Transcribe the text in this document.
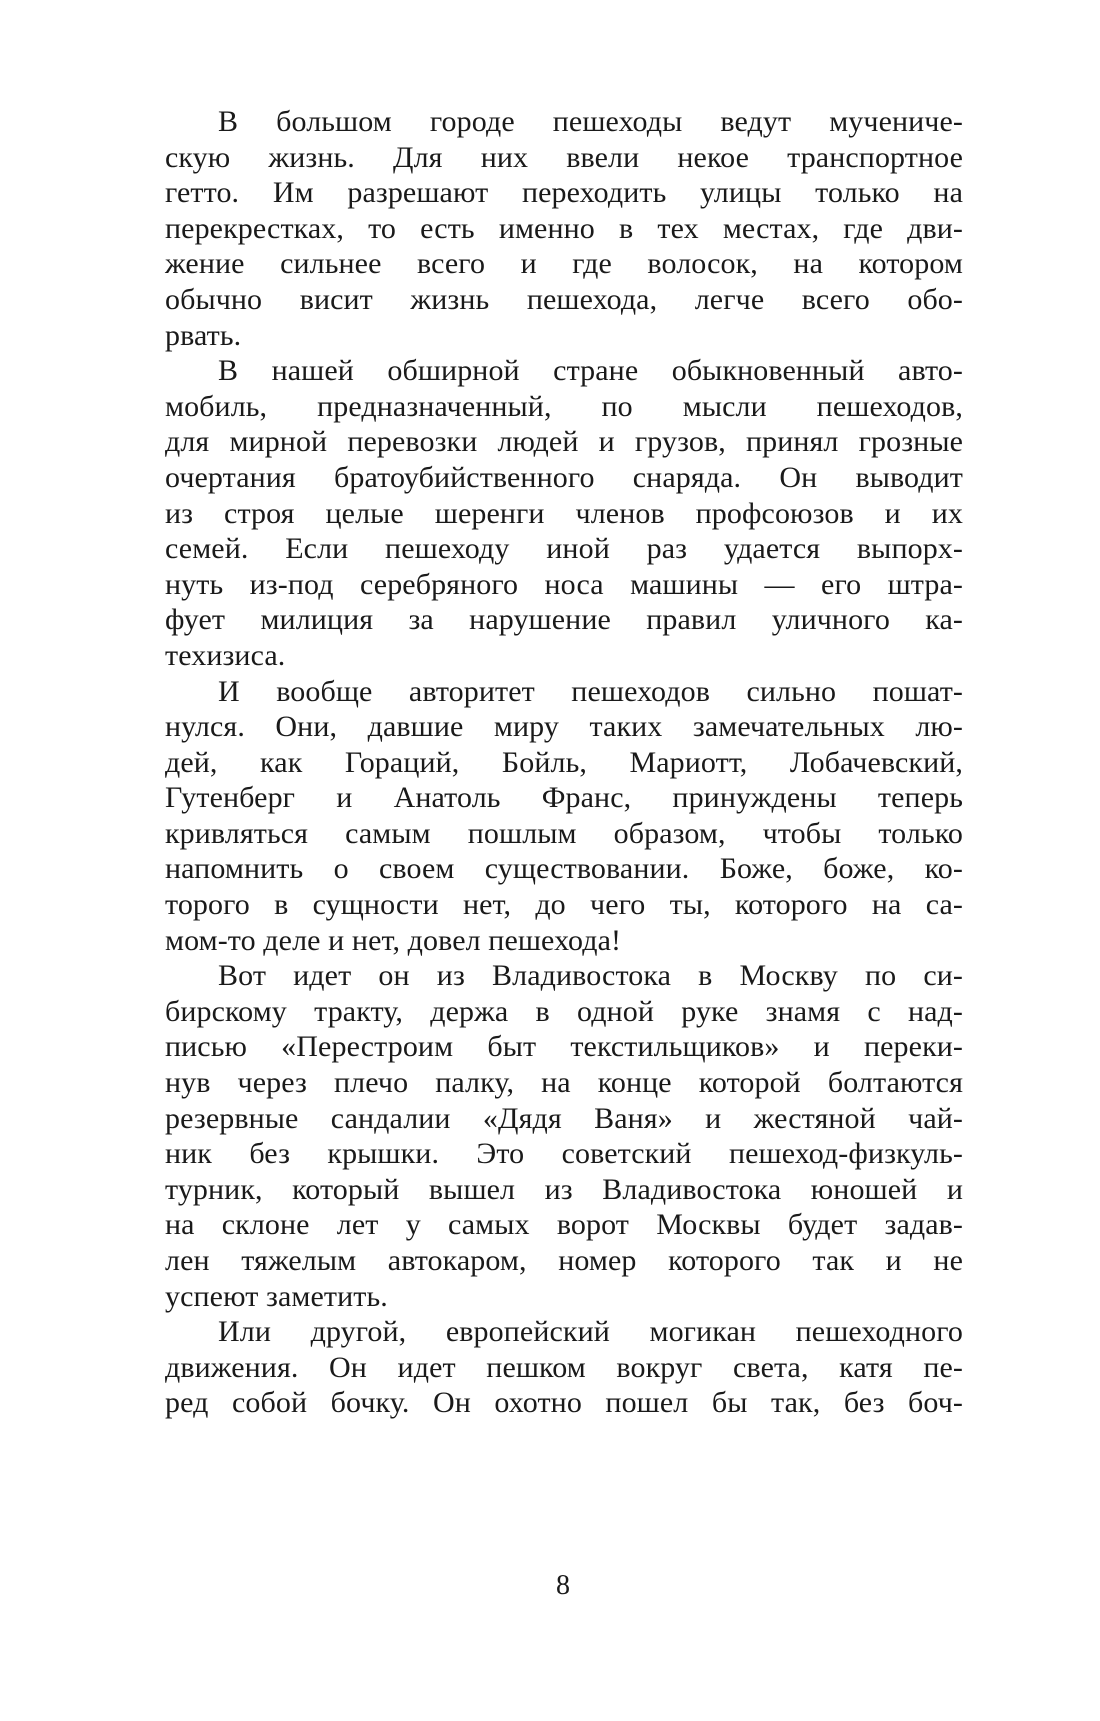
В большом городе пешеходы ведут мучениче-
скую жизнь. Для них ввели некое транспортное
гетто. Им разрешают переходить улицы только на
перекрестках, то есть именно в тех местах, где дви-
жение сильнее всего и где волосок, на котором
обычно висит жизнь пешехода, легче всего обо-
рвать.
В нашей обширной стране обыкновенный авто-
мобиль, предназначенный, по мысли пешеходов,
для мирной перевозки людей и грузов, принял грозные
очертания братоубийственного снаряда. Он выводит
из строя целые шеренги членов профсоюзов и их
семей. Если пешеходу иной раз удается выпорх-
нуть из-под серебряного носа машины — его штра-
фует милиция за нарушение правил уличного ка-
техизиса.
И вообще авторитет пешеходов сильно пошат-
нулся. Они, давшие миру таких замечательных лю-
дей, как Гораций, Бойль, Мариотт, Лобачевский,
Гутенберг и Анатоль Франс, принуждены теперь
кривляться самым пошлым образом, чтобы только
напомнить о своем существовании. Боже, боже, ко-
торого в сущности нет, до чего ты, которого на са-
мом-то деле и нет, довел пешехода!
Вот идет он из Владивостока в Москву по си-
бирскому тракту, держа в одной руке знамя с над-
писью «Перестроим быт текстильщиков» и переки-
нув через плечо палку, на конце которой болтаются
резервные сандалии «Дядя Ваня» и жестяной чай-
ник без крышки. Это советский пешеход-физкуль-
турник, который вышел из Владивостока юношей и
на склоне лет у самых ворот Москвы будет задав-
лен тяжелым автокаром, номер которого так и не
успеют заметить.
Или другой, европейский могикан пешеходного
движения. Он идет пешком вокруг света, катя пе-
ред собой бочку. Он охотно пошел бы так, без боч-
8
